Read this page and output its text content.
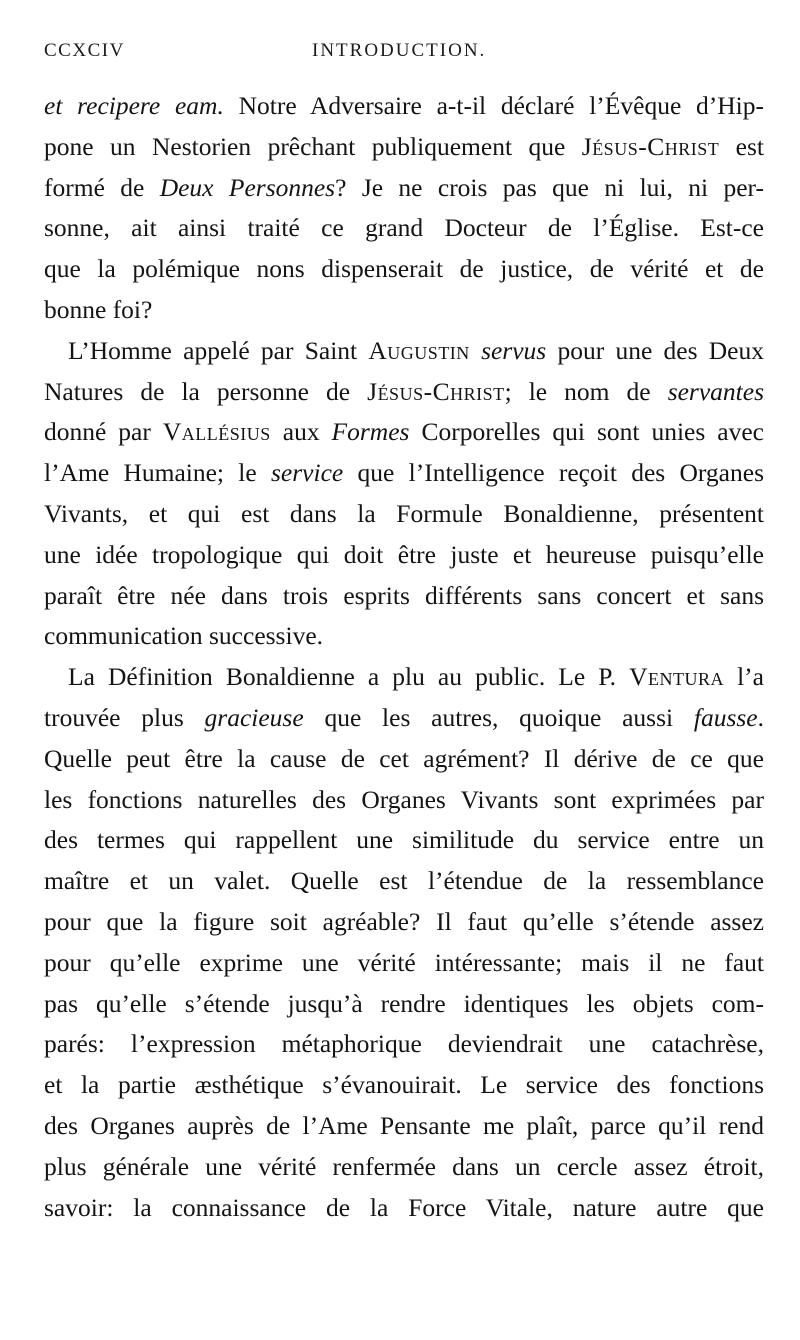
CCXCIV	INTRODUCTION.
et recipere eam. Notre Adversaire a-t-il déclaré l’Évêque d’Hip-
pone un Nestorien prêchant publiquement que Jésus-Christ est
formé de Deux Personnes? Je ne crois pas que ni lui, ni per-
sonne, ait ainsi traité ce grand Docteur de l’Église. Est-ce
que la polémique nons dispenserait de justice, de vérité et de
bonne foi?
L’Homme appelé par Saint Augustin servus pour une des Deux
Natures de la personne de Jésus-Christ; le nom de servantes
donné par Vallésius aux Formes Corporelles qui sont unies avec
l’Ame Humaine; le service que l’Intelligence reçoit des Organes
Vivants, et qui est dans la Formule Bonaldienne, présentent
une idée tropologique qui doit être juste et heureuse puisqu’elle
paraît être née dans trois esprits différents sans concert et sans
communication successive.
La Définition Bonaldienne a plu au public. Le P. Ventura l’a
trouvée plus gracieuse que les autres, quoique aussi fausse.
Quelle peut être la cause de cet agrément? Il dérive de ce que
les fonctions naturelles des Organes Vivants sont exprimées par
des termes qui rappellent une similitude du service entre un
maître et un valet. Quelle est l’étendue de la ressemblance
pour que la figure soit agréable? Il faut qu’elle s’étende assez
pour qu’elle exprime une vérité intéressante; mais il ne faut
pas qu’elle s’étende jusqu’à rendre identiques les objets com-
parés: l’expression métaphorique deviendrait une catachrèse,
et la partie æsthétique s’évanouirait. Le service des fonctions
des Organes auprès de l’Ame Pensante me plaît, parce qu’il rend
plus générale une vérité renfermée dans un cercle assez étroit,
savoir: la connaissance de la Force Vitale, nature autre que
